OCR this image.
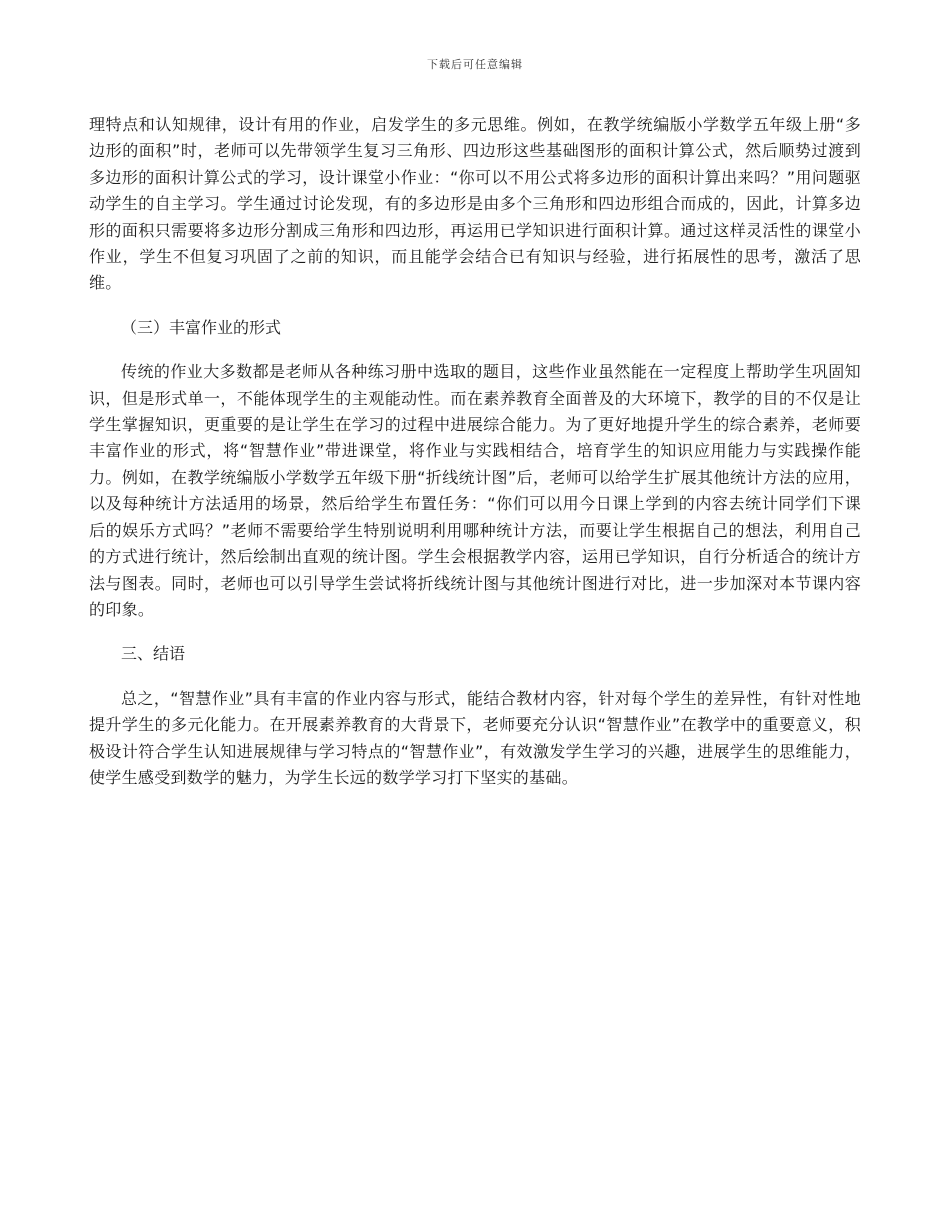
下载后可任意编辑

理特点和认知规律，设计有用的作业，启发学生的多元思维。例如，在教学统编版小学数学五年级上册“多边形的面积”时，老师可以先带领学生复习三角形、四边形这些基础图形的面积计算公式，然后顺势过渡到多边形的面积计算公式的学习，设计课堂小作业：“你可以不用公式将多边形的面积计算出来吗？”用问题驱动学生的自主学习。学生通过讨论发现，有的多边形是由多个三角形和四边形组合而成的，因此，计算多边形的面积只需要将多边形分割成三角形和四边形，再运用已学知识进行面积计算。通过这样灵活性的课堂小作业，学生不但复习巩固了之前的知识，而且能学会结合已有知识与经验，进行拓展性的思考，激活了思维。

（三）丰富作业的形式

传统的作业大多数都是老师从各种练习册中选取的题目，这些作业虽然能在一定程度上帮助学生巩固知识，但是形式单一，不能体现学生的主观能动性。而在素养教育全面普及的大环境下，教学的目的不仅是让学生掌握知识，更重要的是让学生在学习的过程中进展综合能力。为了更好地提升学生的综合素养，老师要丰富作业的形式，将“智慧作业”带进课堂，将作业与实践相结合，培育学生的知识应用能力与实践操作能力。例如，在教学统编版小学数学五年级下册“折线统计图”后，老师可以给学生扩展其他统计方法的应用，以及每种统计方法适用的场景，然后给学生布置任务：“你们可以用今日课上学到的内容去统计同学们下课后的娱乐方式吗？”老师不需要给学生特别说明利用哪种统计方法，而要让学生根据自己的想法，利用自己的方式进行统计，然后绘制出直观的统计图。学生会根据教学内容，运用已学知识，自行分析适合的统计方法与图表。同时，老师也可以引导学生尝试将折线统计图与其他统计图进行对比，进一步加深对本节课内容的印象。

三、结语

总之，“智慧作业”具有丰富的作业内容与形式，能结合教材内容，针对每个学生的差异性，有针对性地提升学生的多元化能力。在开展素养教育的大背景下，老师要充分认识“智慧作业”在教学中的重要意义，积极设计符合学生认知进展规律与学习特点的“智慧作业”，有效激发学生学习的兴趣，进展学生的思维能力，使学生感受到数学的魅力，为学生长远的数学学习打下坚实的基础。
